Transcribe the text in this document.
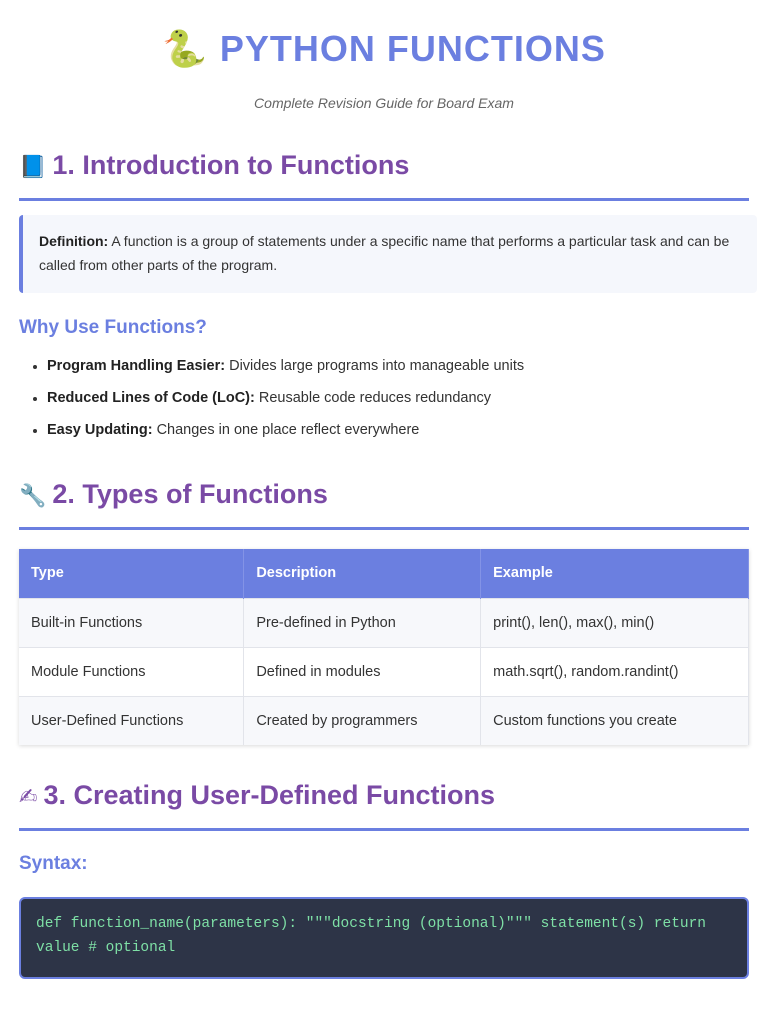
🐍 PYTHON FUNCTIONS
Complete Revision Guide for Board Exam
📘 1. Introduction to Functions
Definition: A function is a group of statements under a specific name that performs a particular task and can be called from other parts of the program.
Why Use Functions?
Program Handling Easier: Divides large programs into manageable units
Reduced Lines of Code (LoC): Reusable code reduces redundancy
Easy Updating: Changes in one place reflect everywhere
🔧 2. Types of Functions
Type	Description	Example
Built-in Functions	Pre-defined in Python	print(), len(), max(), min()
Module Functions	Defined in modules	math.sqrt(), random.randint()
User-Defined Functions	Created by programmers	Custom functions you create
✍ 3. Creating User-Defined Functions
Syntax:
def function_name(parameters): """docstring (optional)""" statement(s) return value # optional
